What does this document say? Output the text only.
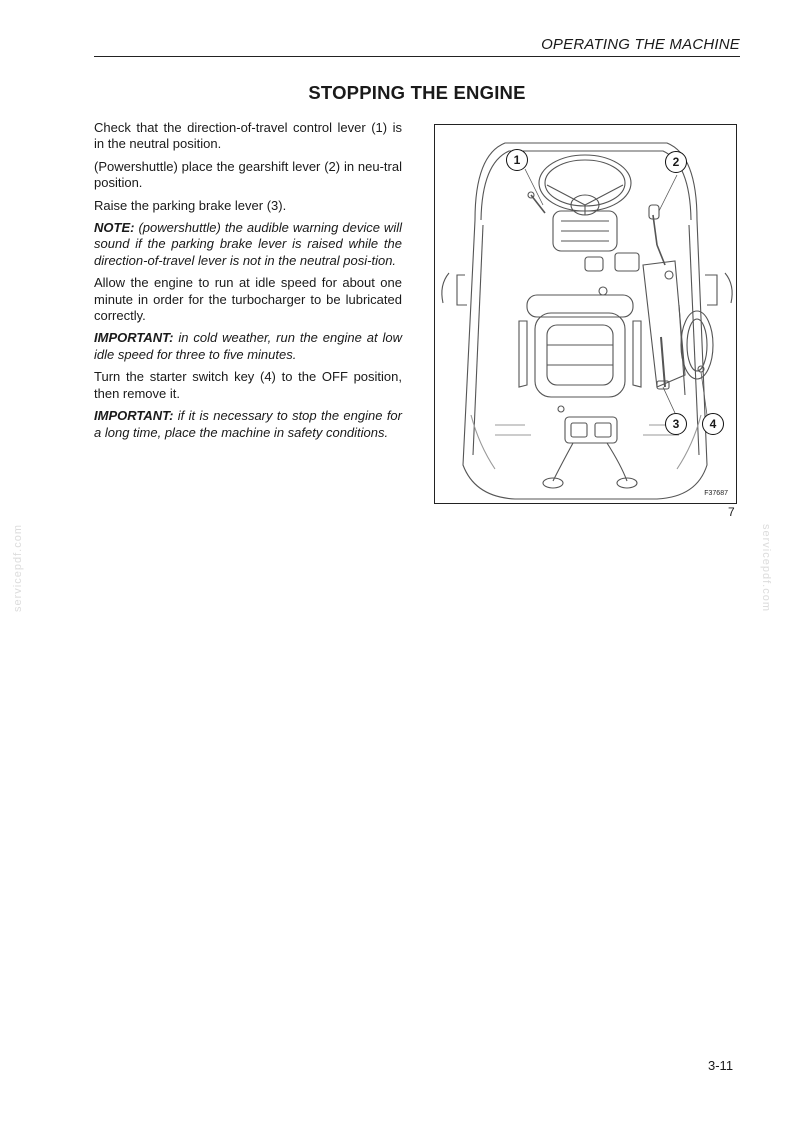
OPERATING THE MACHINE
STOPPING THE ENGINE

Check that the direction-of-travel control lever (1) is in the neutral position.

(Powershuttle) place the gearshift lever (2) in neu-tral position.

Raise the parking brake lever (3).

NOTE: (powershuttle) the audible warning device will sound if the parking brake lever is raised while the direction-of-travel lever is not in the neutral posi-tion.

Allow the engine to run at idle speed for about one minute in order for the turbocharger to be lubricated correctly.

IMPORTANT: in cold weather, run the engine at low idle speed for three to five minutes.

Turn the starter switch key (4) to the OFF position, then remove it.

IMPORTANT: if it is necessary to stop the engine for a long time, place the machine in safety conditions.

1	2
3	4
F37687
7
3-11
servicepdf.com	servicepdf.com
